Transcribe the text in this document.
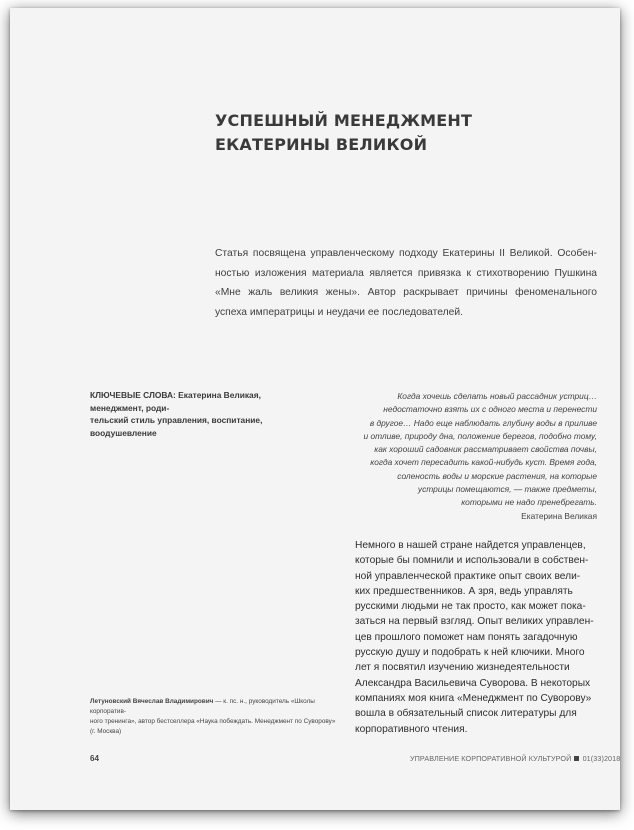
УСПЕШНЫЙ МЕНЕДЖМЕНТ
ЕКАТЕРИНЫ ВЕЛИКОЙ

Статья посвящена управленческому подходу Екатерины II Великой. Особен- ностью изложения материала является привязка к стихотворению Пушкина «Мне жаль великия жены». Автор раскрывает причины феноменального успеха императрицы и неудачи ее последователей.

КЛЮЧЕВЫЕ СЛОВА: Екатерина Великая, менеджмент, роди-
тельский стиль управления, воспитание, воодушевление

Когда хочешь сделать новый рассадник устриц…
недостаточно взять их с одного места и перенести
в другое… Надо еще наблюдать глубину воды в приливе
и отливе, природу дна, положение берегов, подобно тому,
как хороший садовник рассматривает свойства почвы,
когда хочет пересадить какой-нибудь куст. Время года,
соленость воды и морские растения, на которые
устрицы помещаются, — также предметы,
которыми не надо пренебрегать.
Екатерина Великая

Немного в нашей стране найдется управленцев,
которые бы помнили и использовали в собствен-
ной управленческой практике опыт своих вели-
ких предшественников. А зря, ведь управлять
русскими людьми не так просто, как может пока-
заться на первый взгляд. Опыт великих управлен-
цев прошлого поможет нам понять загадочную
русскую душу и подобрать к ней ключики. Много
лет я посвятил изучению жизнедеятельности
Александра Васильевича Суворова. В некоторых
компаниях моя книга «Менеджмент по Суворову»
вошла в обязательный список литературы для
корпоративного чтения.

Летуновский Вячеслав Владимирович — к. пс. н., руководитель «Школы корпоратив-
ного тренинга», автор бестселлера «Наука побеждать. Менеджмент по Суворову» (г. Москва)

64	УПРАВЛЕНИЕ КОРПОРАТИВНОЙ КУЛЬТУРОЙ 01(33)2018
